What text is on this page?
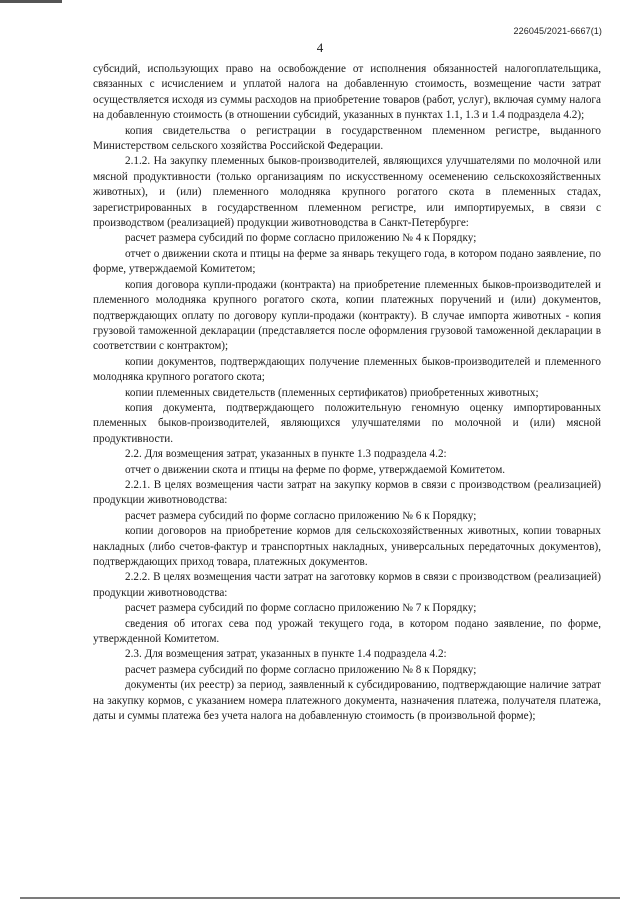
226045/2021-6667(1)
4

субсидий, использующих право на освобождение от исполнения обязанностей налогоплательщика, связанных с исчислением и уплатой налога на добавленную стоимость, возмещение части затрат осуществляется исходя из суммы расходов на приобретение товаров (работ, услуг), включая сумму налога на добавленную стоимость (в отношении субсидий, указанных в пунктах 1.1, 1.3 и 1.4 подраздела 4.2);

копия свидетельства о регистрации в государственном племенном регистре, выданного Министерством сельского хозяйства Российской Федерации.

2.1.2. На закупку племенных быков-производителей, являющихся улучшателями по молочной или мясной продуктивности (только организациям по искусственному осеменению сельскохозяйственных животных), и (или) племенного молодняка крупного рогатого скота в племенных стадах, зарегистрированных в государственном племенном регистре, или импортируемых, в связи с производством (реализацией) продукции животноводства в Санкт-Петербурге:

расчет размера субсидий по форме согласно приложению № 4 к Порядку;

отчет о движении скота и птицы на ферме за январь текущего года, в котором подано заявление, по форме, утверждаемой Комитетом;

копия договора купли-продажи (контракта) на приобретение племенных быков-производителей и племенного молодняка крупного рогатого скота, копии платежных поручений и (или) документов, подтверждающих оплату по договору купли-продажи (контракту). В случае импорта животных - копия грузовой таможенной декларации (представляется после оформления грузовой таможенной декларации в соответствии с контрактом);

копии документов, подтверждающих получение племенных быков-производителей и племенного молодняка крупного рогатого скота;

копии племенных свидетельств (племенных сертификатов) приобретенных животных;

копия документа, подтверждающего положительную геномную оценку импортированных племенных быков-производителей, являющихся улучшателями по молочной и (или) мясной продуктивности.

2.2. Для возмещения затрат, указанных в пункте 1.3 подраздела 4.2:

отчет о движении скота и птицы на ферме по форме, утверждаемой Комитетом.

2.2.1. В целях возмещения части затрат на закупку кормов в связи с производством (реализацией) продукции животноводства:

расчет размера субсидий по форме согласно приложению № 6 к Порядку;

копии договоров на приобретение кормов для сельскохозяйственных животных, копии товарных накладных (либо счетов-фактур и транспортных накладных, универсальных передаточных документов), подтверждающих приход товара, платежных документов.

2.2.2. В целях возмещения части затрат на заготовку кормов в связи с производством (реализацией) продукции животноводства:

расчет размера субсидий по форме согласно приложению № 7 к Порядку;

сведения об итогах сева под урожай текущего года, в котором подано заявление, по форме, утвержденной Комитетом.

2.3. Для возмещения затрат, указанных в пункте 1.4 подраздела 4.2:

расчет размера субсидий по форме согласно приложению № 8 к Порядку;

документы (их реестр) за период, заявленный к субсидированию, подтверждающие наличие затрат на закупку кормов, с указанием номера платежного документа, назначения платежа, получателя платежа, даты и суммы платежа без учета налога на добавленную стоимость (в произвольной форме);
